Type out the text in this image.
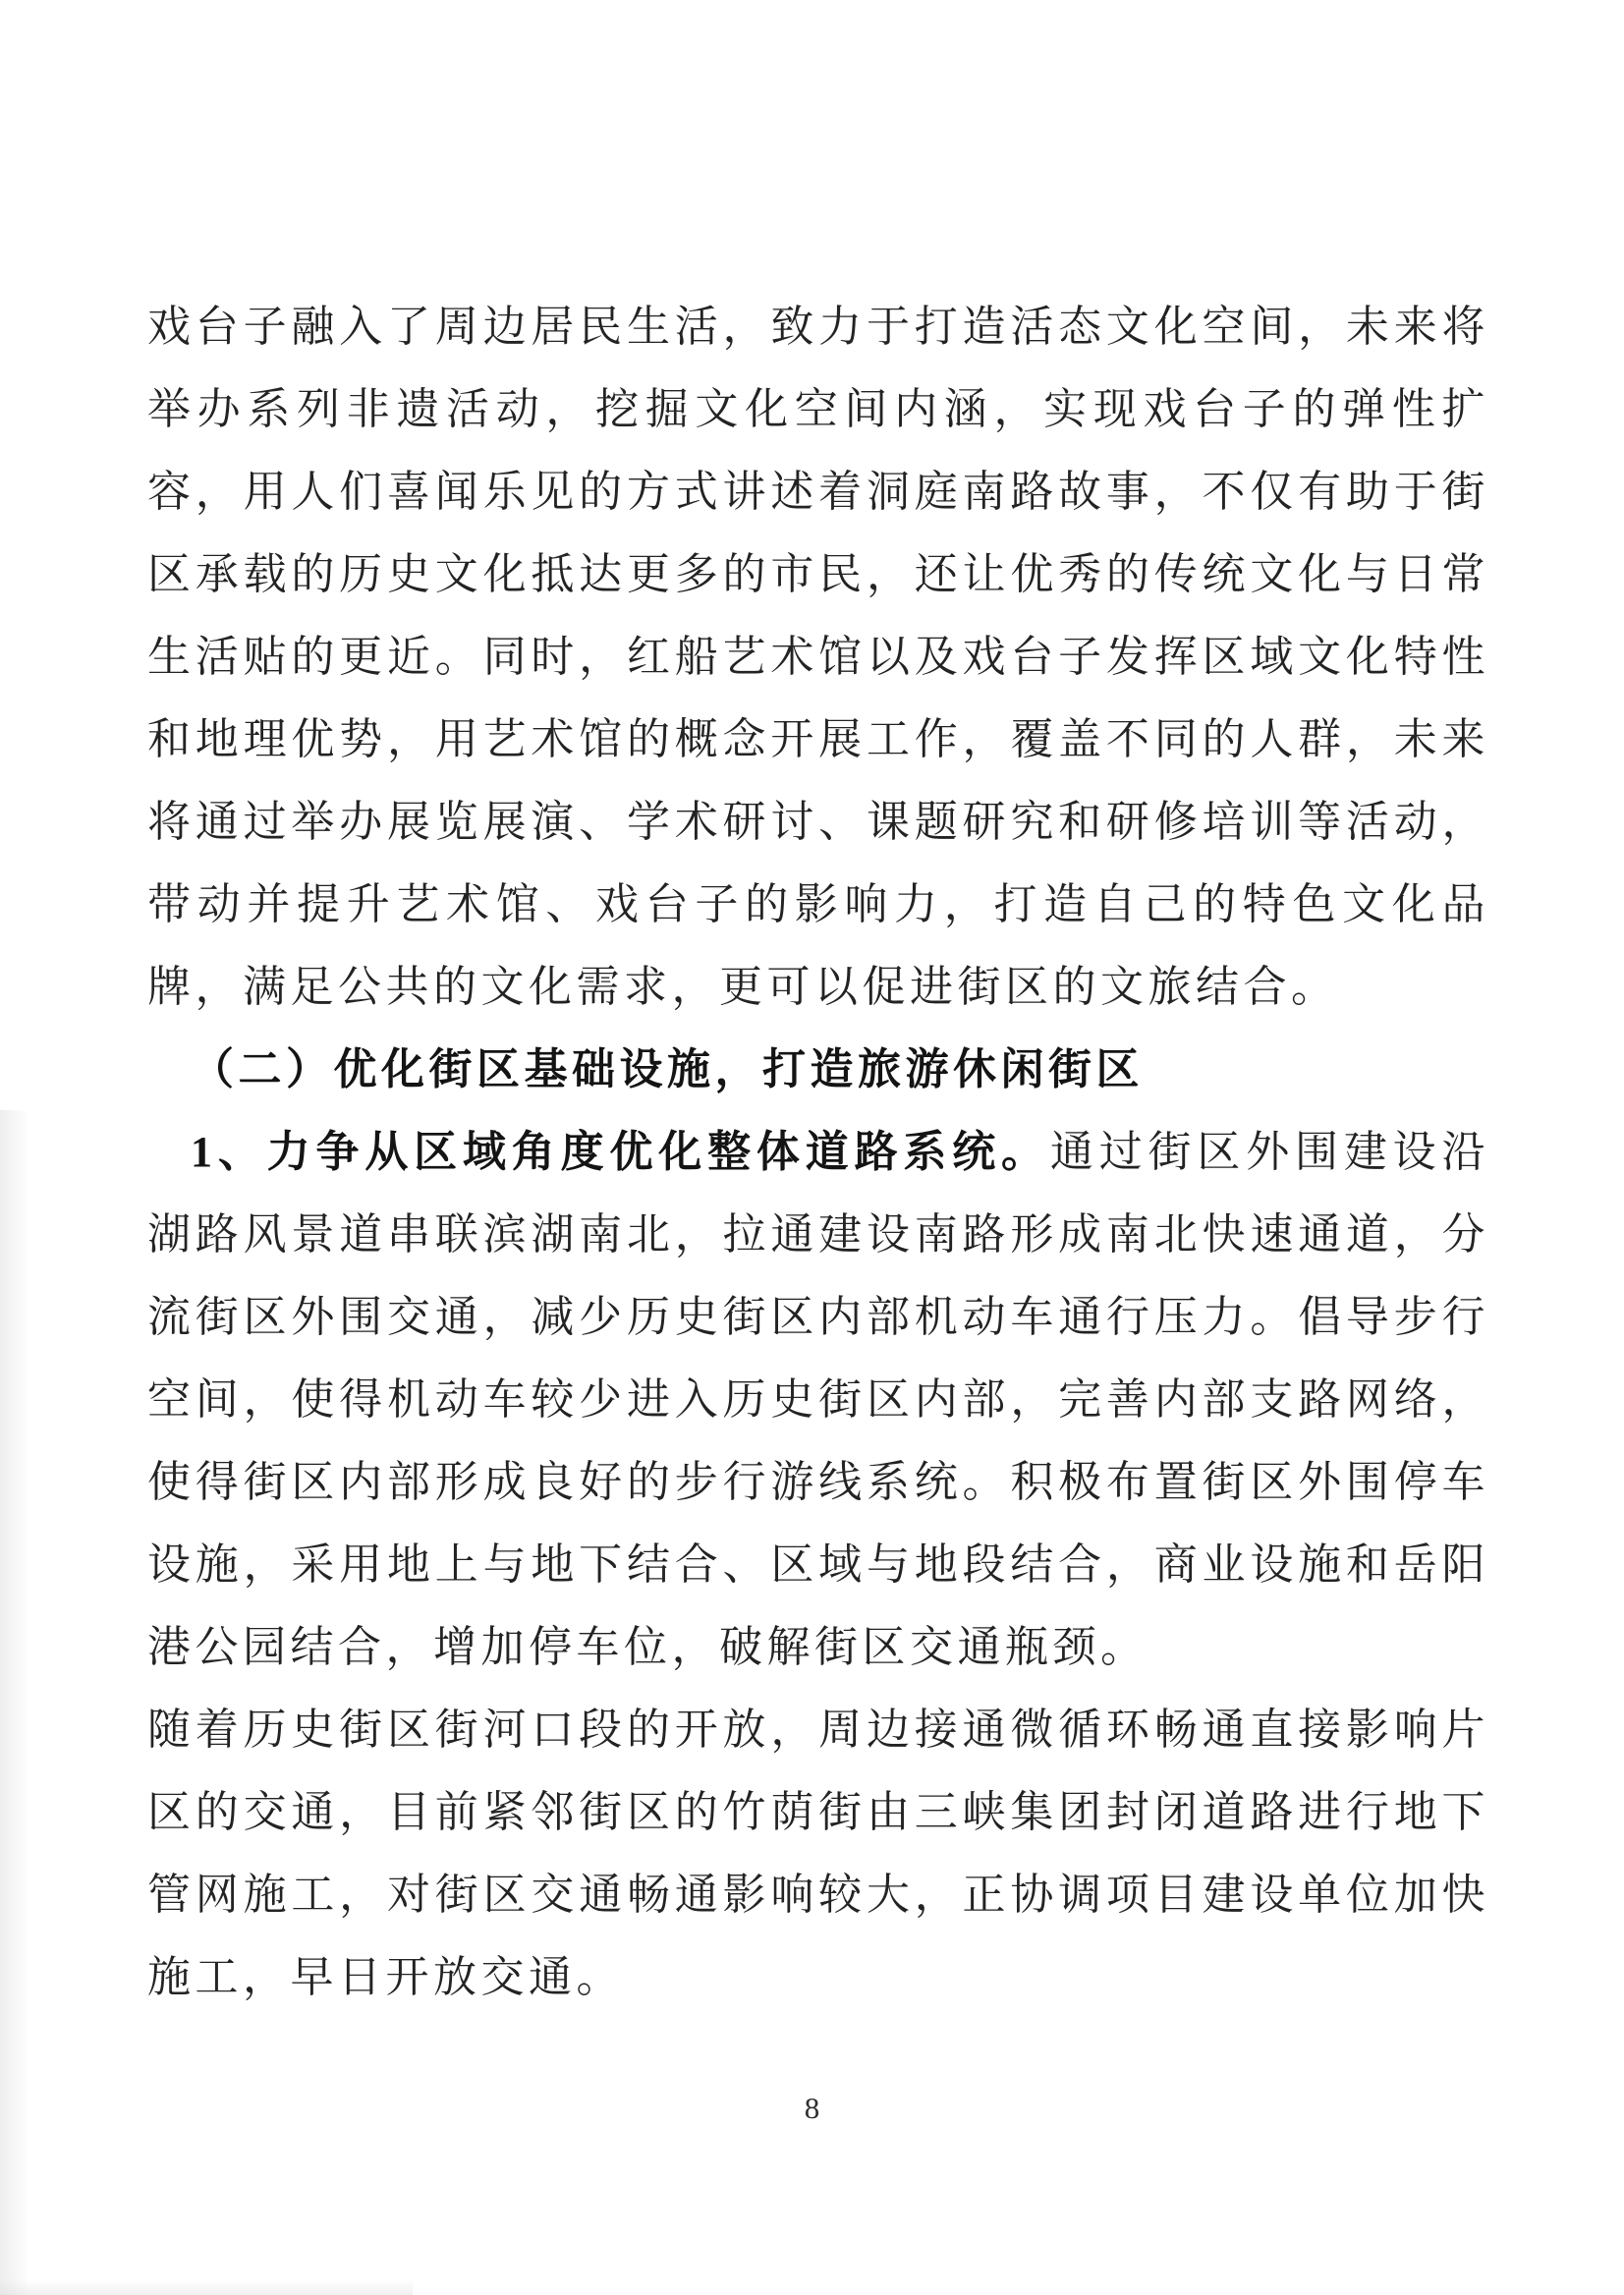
戏台子融入了周边居民生活，致力于打造活态文化空间，未来将举办系列非遗活动，挖掘文化空间内涵，实现戏台子的弹性扩容，用人们喜闻乐见的方式讲述着洞庭南路故事，不仅有助于街区承载的历史文化抵达更多的市民，还让优秀的传统文化与日常生活贴的更近。同时，红船艺术馆以及戏台子发挥区域文化特性和地理优势，用艺术馆的概念开展工作，覆盖不同的人群，未来将通过举办展览展演、学术研讨、课题研究和研修培训等活动，带动并提升艺术馆、戏台子的影响力，打造自己的特色文化品牌，满足公共的文化需求，更可以促进街区的文旅结合。

（二）优化街区基础设施，打造旅游休闲街区

1、力争从区域角度优化整体道路系统。通过街区外围建设沿湖路风景道串联滨湖南北，拉通建设南路形成南北快速通道，分流街区外围交通，减少历史街区内部机动车通行压力。倡导步行空间，使得机动车较少进入历史街区内部，完善内部支路网络，使得街区内部形成良好的步行游线系统。积极布置街区外围停车设施，采用地上与地下结合、区域与地段结合，商业设施和岳阳港公园结合，增加停车位，破解街区交通瓶颈。

随着历史街区街河口段的开放，周边接通微循环畅通直接影响片区的交通，目前紧邻街区的竹荫街由三峡集团封闭道路进行地下管网施工，对街区交通畅通影响较大，正协调项目建设单位加快施工，早日开放交通。

8
